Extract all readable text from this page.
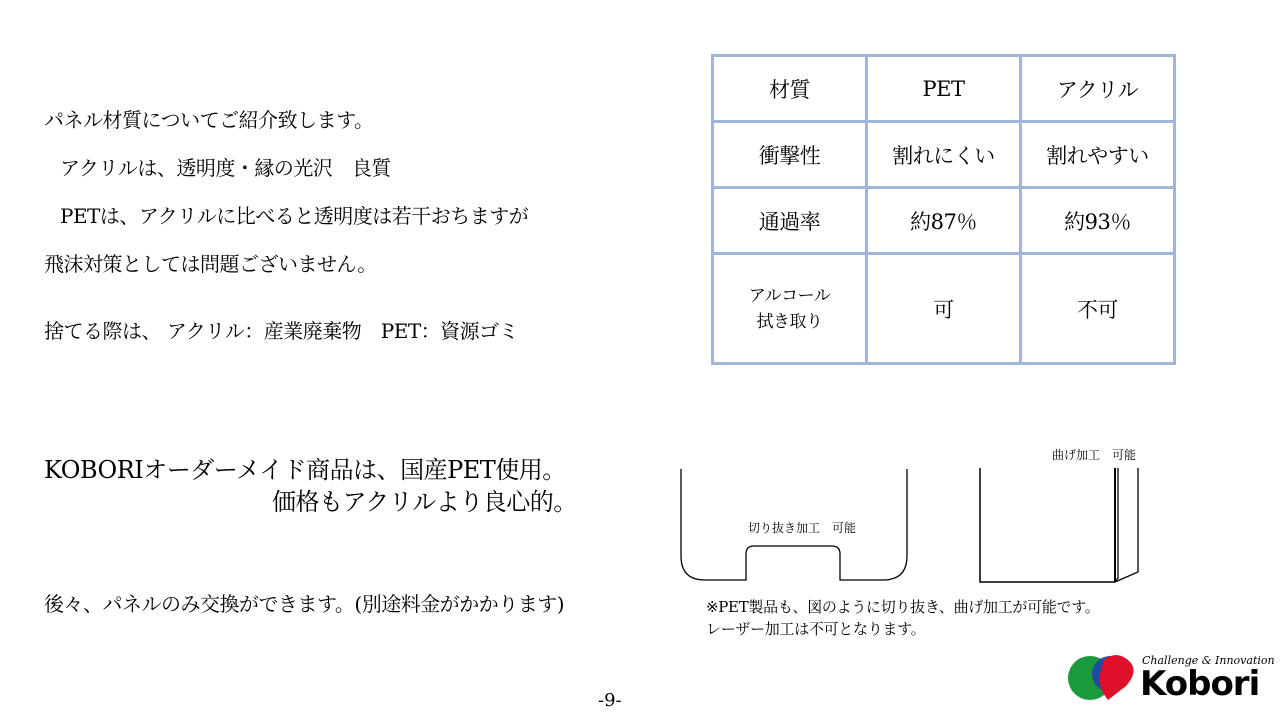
パネル材質についてご紹介致します。
アクリルは、透明度・縁の光沢　良質
PETは、アクリルに比べると透明度は若干おちますが
飛沫対策としては問題ございません。
捨てる際は、 アクリル：産業廃棄物　PET：資源ゴミ
KOBORIオーダーメイド商品は、国産PET使用。
価格もアクリルより良心的。
後々、パネルのみ交換ができます。(別途料金がかかります)
材質	PET	アクリル
衝撃性	割れにくい	割れやすい
通過率	約87％	約93％
アルコール
拭き取り	可	不可
切り抜き加工　可能
曲げ加工　可能
※PET製品も、図のように切り抜き、曲げ加工が可能です。
レーザー加工は不可となります。
-9-
Challenge & Innovation
Kobori
